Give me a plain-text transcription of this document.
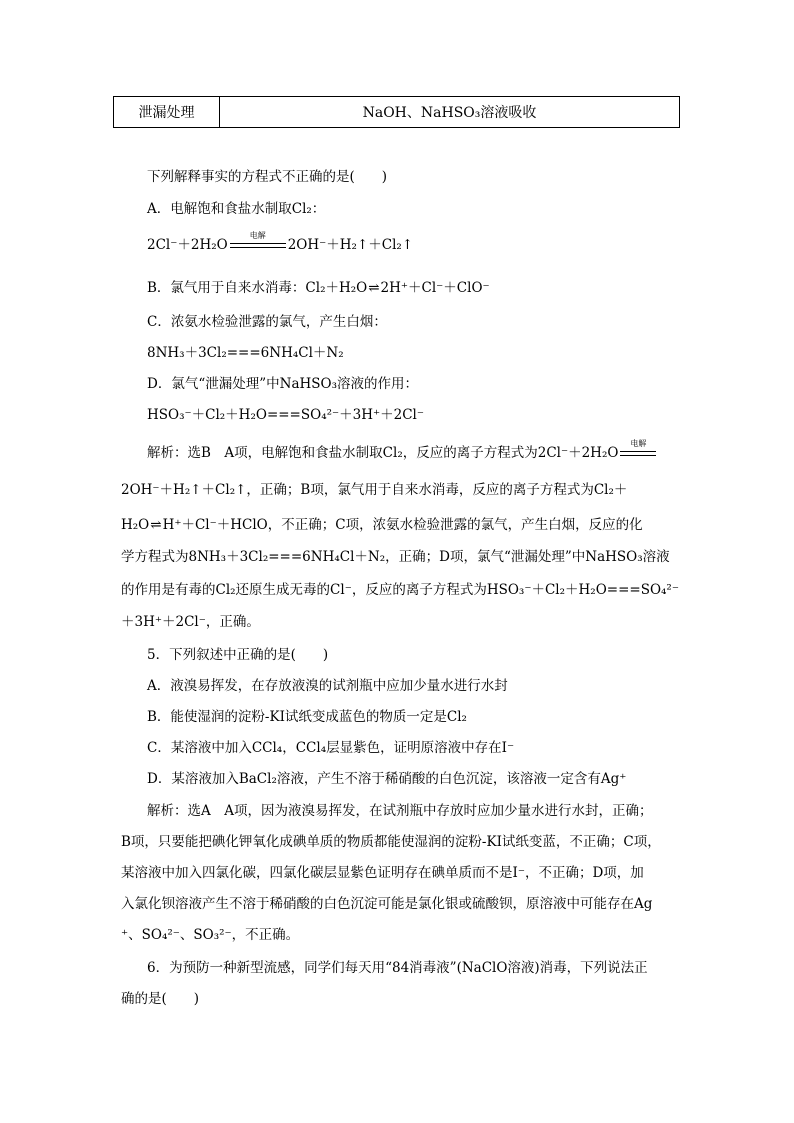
泄漏处理	NaOH、NaHSO₃溶液吸收
下列解释事实的方程式不正确的是(　　)
A．电解饱和食盐水制取Cl₂：
2Cl⁻＋2H₂O
电解
2OH⁻＋H₂↑＋Cl₂↑
B．氯气用于自来水消毒：Cl₂＋H₂O⇌2H⁺＋Cl⁻＋ClO⁻
C．浓氨水检验泄露的氯气，产生白烟：
8NH₃＋3Cl₂===6NH₄Cl＋N₂
D．氯气“泄漏处理”中NaHSO₃溶液的作用：
HSO₃⁻＋Cl₂＋H₂O===SO₄²⁻＋3H⁺＋2Cl⁻
解析：选B　A项，电解饱和食盐水制取Cl₂，反应的离子方程式为2Cl⁻＋2H₂O
电解
2OH⁻＋H₂↑＋Cl₂↑，正确；B项，氯气用于自来水消毒，反应的离子方程式为Cl₂＋
H₂O⇌H⁺＋Cl⁻＋HClO，不正确；C项，浓氨水检验泄露的氯气，产生白烟，反应的化
学方程式为8NH₃＋3Cl₂===6NH₄Cl＋N₂，正确；D项，氯气“泄漏处理”中NaHSO₃溶液
的作用是有毒的Cl₂还原生成无毒的Cl⁻，反应的离子方程式为HSO₃⁻＋Cl₂＋H₂O===SO₄²⁻
＋3H⁺＋2Cl⁻，正确。
5．下列叙述中正确的是(　　)
A．液溴易挥发，在存放液溴的试剂瓶中应加少量水进行水封
B．能使湿润的淀粉-KI试纸变成蓝色的物质一定是Cl₂
C．某溶液中加入CCl₄，CCl₄层显紫色，证明原溶液中存在I⁻
D．某溶液加入BaCl₂溶液，产生不溶于稀硝酸的白色沉淀，该溶液一定含有Ag⁺
解析：选A　A项，因为液溴易挥发，在试剂瓶中存放时应加少量水进行水封，正确；
B项，只要能把碘化钾氧化成碘单质的物质都能使湿润的淀粉-KI试纸变蓝，不正确；C项，
某溶液中加入四氯化碳，四氯化碳层显紫色证明存在碘单质而不是I⁻，不正确；D项，加
入氯化钡溶液产生不溶于稀硝酸的白色沉淀可能是氯化银或硫酸钡，原溶液中可能存在Ag
⁺、SO₄²⁻、SO₃²⁻，不正确。
6．为预防一种新型流感，同学们每天用“84消毒液”(NaClO溶液)消毒，下列说法正
确的是(　　)
